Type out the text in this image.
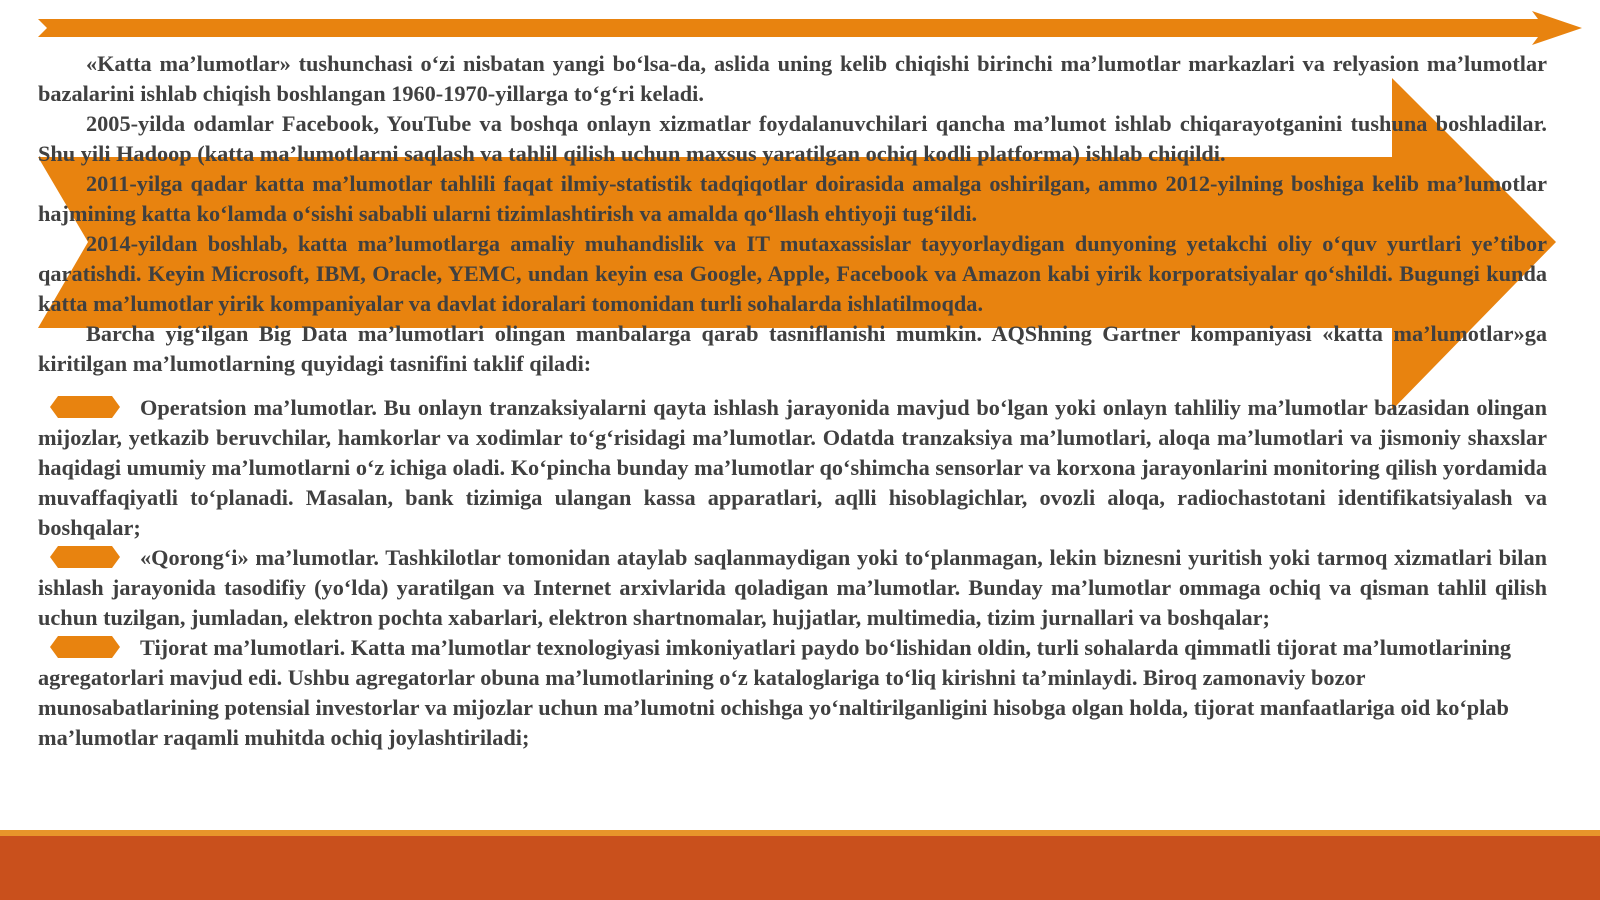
«Katta ma’lumotlar» tushunchasi o‘zi nisbatan yangi bo‘lsa-da, aslida uning kelib chiqishi birinchi ma’lumotlar markazlari va relyasion ma’lumotlar bazalarini ishlab chiqish boshlangan 1960-1970-yillarga to‘g‘ri keladi.

2005-yilda odamlar Facebook, YouTube va boshqa onlayn xizmatlar foydalanuvchilari qancha ma’lumot ishlab chiqarayotganini tushuna boshladilar. Shu yili Hadoop (katta ma’lumotlarni saqlash va tahlil qilish uchun maxsus yaratilgan ochiq kodli platforma) ishlab chiqildi.

2011-yilga qadar katta ma’lumotlar tahlili faqat ilmiy-statistik tadqiqotlar doirasida amalga oshirilgan, ammo 2012-yilning boshiga kelib ma’lumotlar hajmining katta ko‘lamda o‘sishi sababli ularni tizimlashtirish va amalda qo‘llash ehtiyoji tug‘ildi.

2014-yildan boshlab, katta ma’lumotlarga amaliy muhandislik va IT mutaxassislar tayyorlaydigan dunyoning yetakchi oliy o‘quv yurtlari ye’tibor qaratishdi. Keyin Microsoft, IBM, Oracle, YEMC, undan keyin esa Google, Apple, Facebook va Amazon kabi yirik korporatsiyalar qo‘shildi. Bugungi kunda katta ma’lumotlar yirik kompaniyalar va davlat idoralari tomonidan turli sohalarda ishlatilmoqda.

Barcha yig‘ilgan Big Data ma’lumotlari olingan manbalarga qarab tasniflanishi mumkin. AQShning Gartner kompaniyasi «katta ma’lumotlar»ga kiritilgan ma’lumotlarning quyidagi tasnifini taklif qiladi:

Operatsion ma’lumotlar. Bu onlayn tranzaksiyalarni qayta ishlash jarayonida mavjud bo‘lgan yoki onlayn tahliliy ma’lumotlar bazasidan olingan mijozlar, yetkazib beruvchilar, hamkorlar va xodimlar to‘g‘risidagi ma’lumotlar. Odatda tranzaksiya ma’lumotlari, aloqa ma’lumotlari va jismoniy shaxslar haqidagi umumiy ma’lumotlarni o‘z ichiga oladi. Ko‘pincha bunday ma’lumotlar qo‘shimcha sensorlar va korxona jarayonlarini monitoring qilish yordamida muvaffaqiyatli to‘planadi. Masalan, bank tizimiga ulangan kassa apparatlari, aqlli hisoblagichlar, ovozli aloqa, radiochastotani identifikatsiyalash va boshqalar;

«Qorong‘i» ma’lumotlar. Tashkilotlar tomonidan ataylab saqlanmaydigan yoki to‘planmagan, lekin biznesni yuritish yoki tarmoq xizmatlari bilan ishlash jarayonida tasodifiy (yo‘lda) yaratilgan va Internet arxivlarida qoladigan ma’lumotlar. Bunday ma’lumotlar ommaga ochiq va qisman tahlil qilish uchun tuzilgan, jumladan, elektron pochta xabarlari, elektron shartnomalar, hujjatlar, multimedia, tizim jurnallari va boshqalar;

Tijorat ma’lumotlari. Katta ma’lumotlar texnologiyasi imkoniyatlari paydo bo‘lishidan oldin, turli sohalarda qimmatli tijorat ma’lumotlarining agregatorlari mavjud edi. Ushbu agregatorlar obuna ma’lumotlarining o‘z kataloglariga to‘liq kirishni ta’minlaydi. Biroq zamonaviy bozor munosabatlarining potensial investorlar va mijozlar uchun ma’lumotni ochishga yo‘naltirilganligini hisobga olgan holda, tijorat manfaatlariga oid ko‘plab ma’lumotlar raqamli muhitda ochiq joylashtiriladi;
